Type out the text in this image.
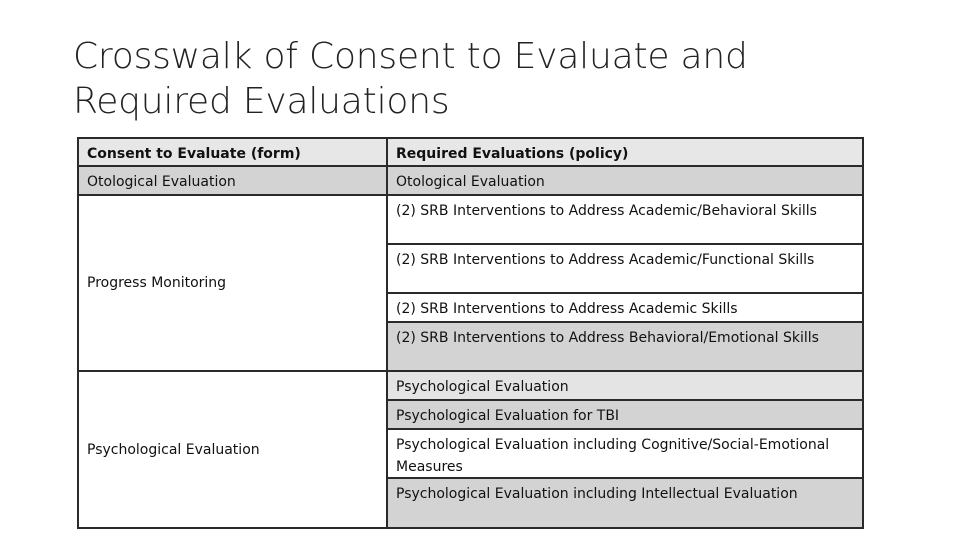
Crosswalk of Consent to Evaluate and
Required Evaluations
Consent to Evaluate (form)	Required Evaluations (policy)
Otological Evaluation	Otological Evaluation
Progress Monitoring
(2) SRB Interventions to Address Academic/Behavioral Skills
(2) SRB Interventions to Address Academic/Functional Skills
(2) SRB Interventions to Address Academic Skills
(2) SRB Interventions to Address Behavioral/Emotional Skills
Psychological Evaluation
Psychological Evaluation
Psychological Evaluation for TBI
Psychological Evaluation including Cognitive/Social-Emotional Measures
Psychological Evaluation including Intellectual Evaluation
